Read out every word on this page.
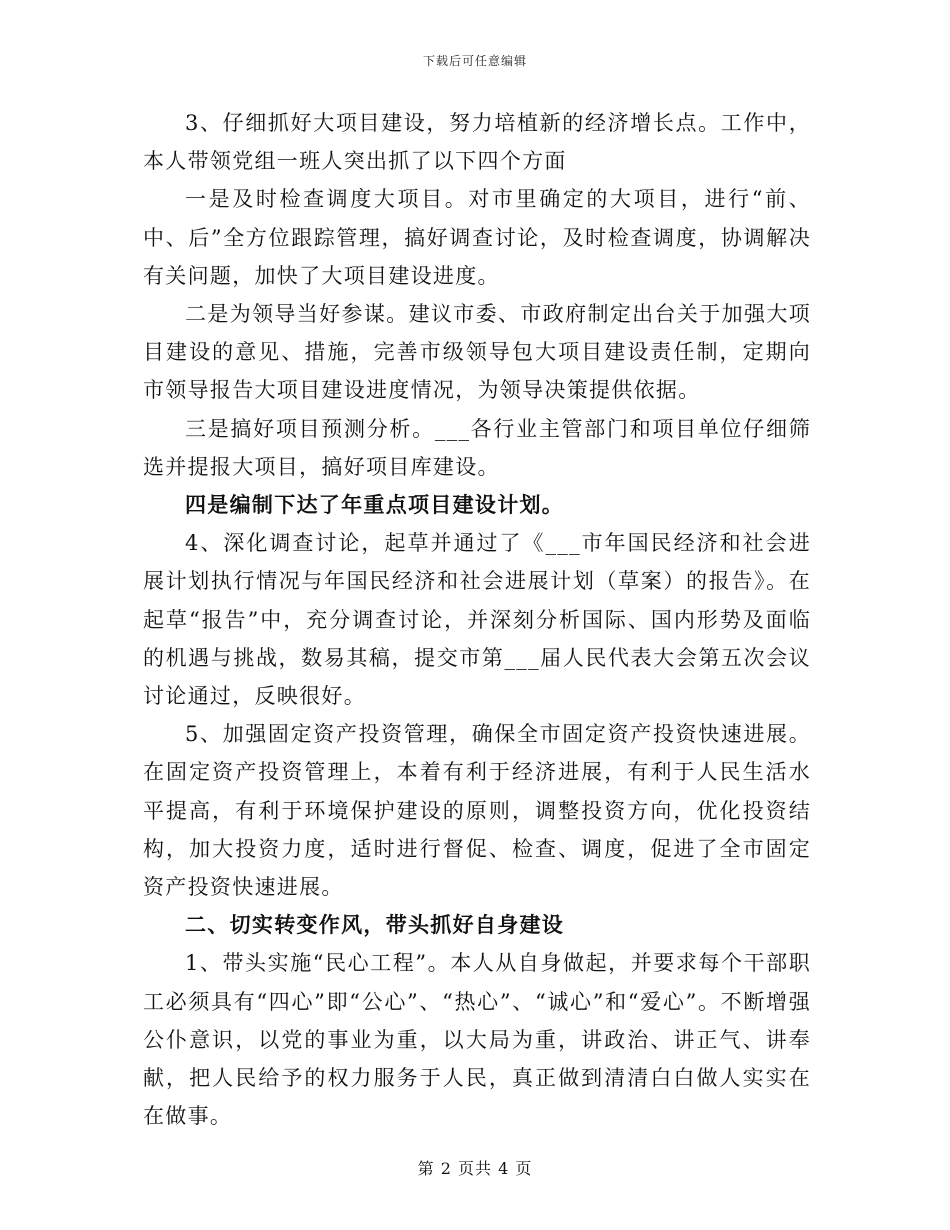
下载后可任意编辑

3、仔细抓好大项目建设，努力培植新的经济增长点。工作中，本人带领党组一班人突出抓了以下四个方面

一是及时检查调度大项目。对市里确定的大项目，进行“前、中、后”全方位跟踪管理，搞好调查讨论，及时检查调度，协调解决有关问题，加快了大项目建设进度。

二是为领导当好参谋。建议市委、市政府制定出台关于加强大项目建设的意见、措施，完善市级领导包大项目建设责任制，定期向市领导报告大项目建设进度情况，为领导决策提供依据。

三是搞好项目预测分析。___各行业主管部门和项目单位仔细筛选并提报大项目，搞好项目库建设。

四是编制下达了年重点项目建设计划。

4、深化调查讨论，起草并通过了《___市年国民经济和社会进展计划执行情况与年国民经济和社会进展计划（草案）的报告》。在起草“报告”中，充分调查讨论，并深刻分析国际、国内形势及面临的机遇与挑战，数易其稿，提交市第___届人民代表大会第五次会议讨论通过，反映很好。

5、加强固定资产投资管理，确保全市固定资产投资快速进展。在固定资产投资管理上，本着有利于经济进展，有利于人民生活水平提高，有利于环境保护建设的原则，调整投资方向，优化投资结构，加大投资力度，适时进行督促、检查、调度，促进了全市固定资产投资快速进展。

二、切实转变作风，带头抓好自身建设

1、带头实施“民心工程”。本人从自身做起，并要求每个干部职工必须具有“四心”即“公心”、“热心”、“诚心”和“爱心”。不断增强公仆意识，以党的事业为重，以大局为重，讲政治、讲正气、讲奉献，把人民给予的权力服务于人民，真正做到清清白白做人实实在在做事。

第 2 页共 4 页
